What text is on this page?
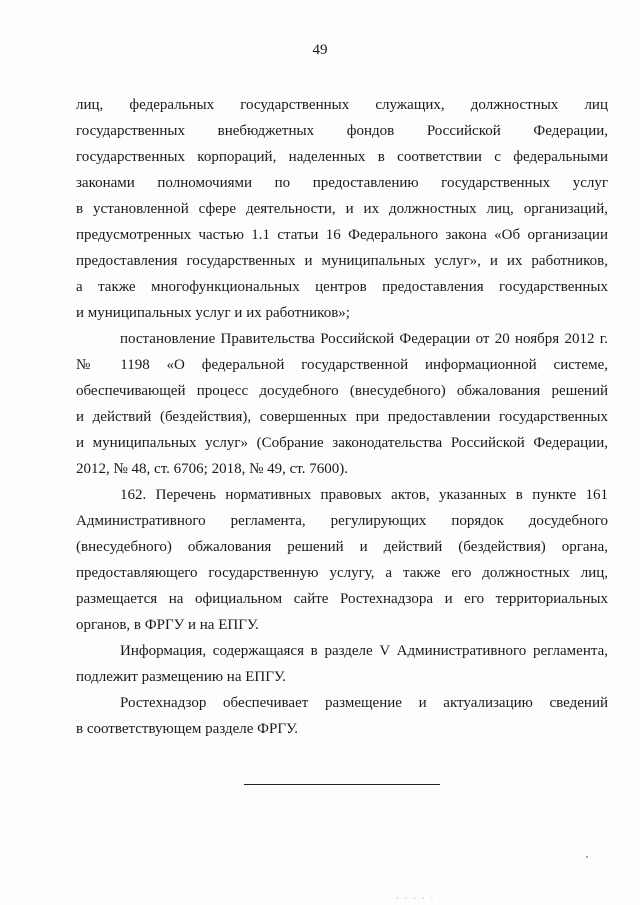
49
лиц, федеральных государственных служащих, должностных лиц
государственных внебюджетных фондов Российской Федерации,
государственных корпораций, наделенных в соответствии с федеральными
законами полномочиями по предоставлению государственных услуг
в установленной сфере деятельности, и их должностных лиц, организаций,
предусмотренных частью 1.1 статьи 16 Федерального закона «Об организации
предоставления государственных и муниципальных услуг», и их работников,
а также многофункциональных центров предоставления государственных
и муниципальных услуг и их работников»;
постановление Правительства Российской Федерации от 20 ноября 2012 г.
№ 1198 «О федеральной государственной информационной системе,
обеспечивающей процесс досудебного (внесудебного) обжалования решений
и действий (бездействия), совершенных при предоставлении государственных
и муниципальных услуг» (Собрание законодательства Российской Федерации,
2012, № 48, ст. 6706; 2018, № 49, ст. 7600).
162. Перечень нормативных правовых актов, указанных в пункте 161
Административного регламента, регулирующих порядок досудебного
(внесудебного) обжалования решений и действий (бездействия) органа,
предоставляющего государственную услугу, а также его должностных лиц,
размещается на официальном сайте Ростехнадзора и его территориальных
органов, в ФРГУ и на ЕПГУ.
Информация, содержащаяся в разделе V Административного регламента,
подлежит размещению на ЕПГУ.
Ростехнадзор обеспечивает размещение и актуализацию сведений
в соответствующем разделе ФРГУ.
· · · · ·
